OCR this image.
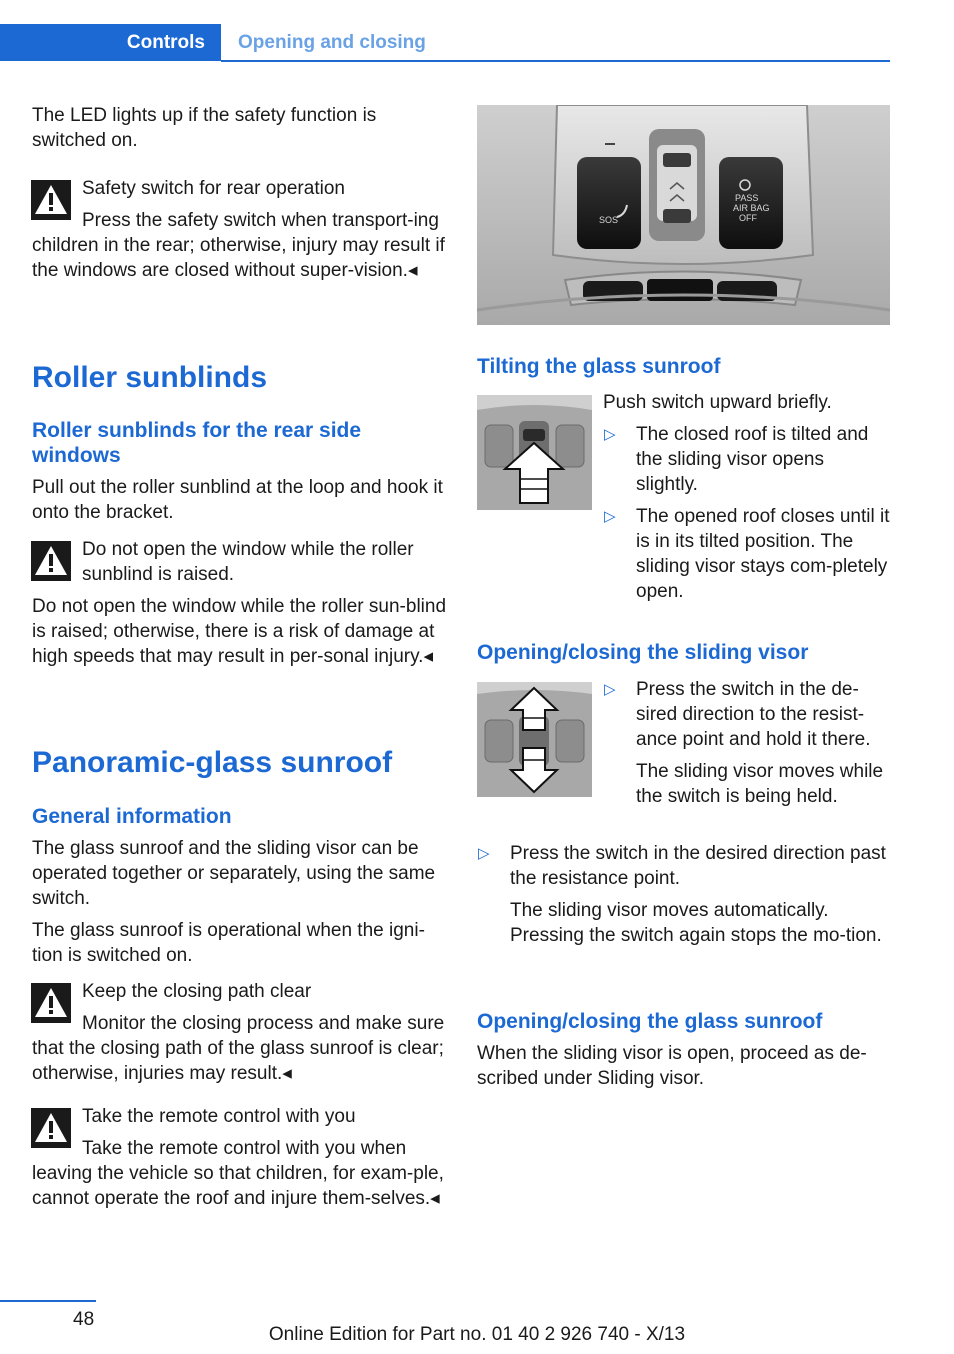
Controls Opening and closing

The LED lights up if the safety function is switched on.

Safety switch for rear operation

Press the safety switch when transport-ing children in the rear; otherwise, injury may result if the windows are closed without super-vision.◂

Roller sunblinds
Roller sunblinds for the rear side windows

Pull out the roller sunblind at the loop and hook it onto the bracket.

Do not open the window while the roller sunblind is raised.

Do not open the window while the roller sun-blind is raised; otherwise, there is a risk of damage at high speeds that may result in per-sonal injury.◂

Panoramic-glass sunroof
General information

The glass sunroof and the sliding visor can be operated together or separately, using the same switch.

The glass sunroof is operational when the igni-tion is switched on.

Keep the closing path clear

Monitor the closing process and make sure that the closing path of the glass sunroof is clear; otherwise, injuries may result.◂

Take the remote control with you

Take the remote control with you when leaving the vehicle so that children, for exam-ple, cannot operate the roof and injure them-selves.◂

SOS
PASS
AIR BAG
OFF
Tilting the glass sunroof

Push switch upward briefly.

▷ The closed roof is tilted and the sliding visor opens slightly.

▷ The opened roof closes until it is in its tilted position. The sliding visor stays com-pletely open.

Opening/closing the sliding visor
▷ Press the switch in the de-sired direction to the resist-ance point and hold it there.

The sliding visor moves while the switch is being held.

▷ Press the switch in the desired direction past the resistance point.

The sliding visor moves automatically. Pressing the switch again stops the mo-tion.

Opening/closing the glass sunroof

When the sliding visor is open, proceed as de-scribed under Sliding visor.

48
Online Edition for Part no. 01 40 2 926 740 - X/13
